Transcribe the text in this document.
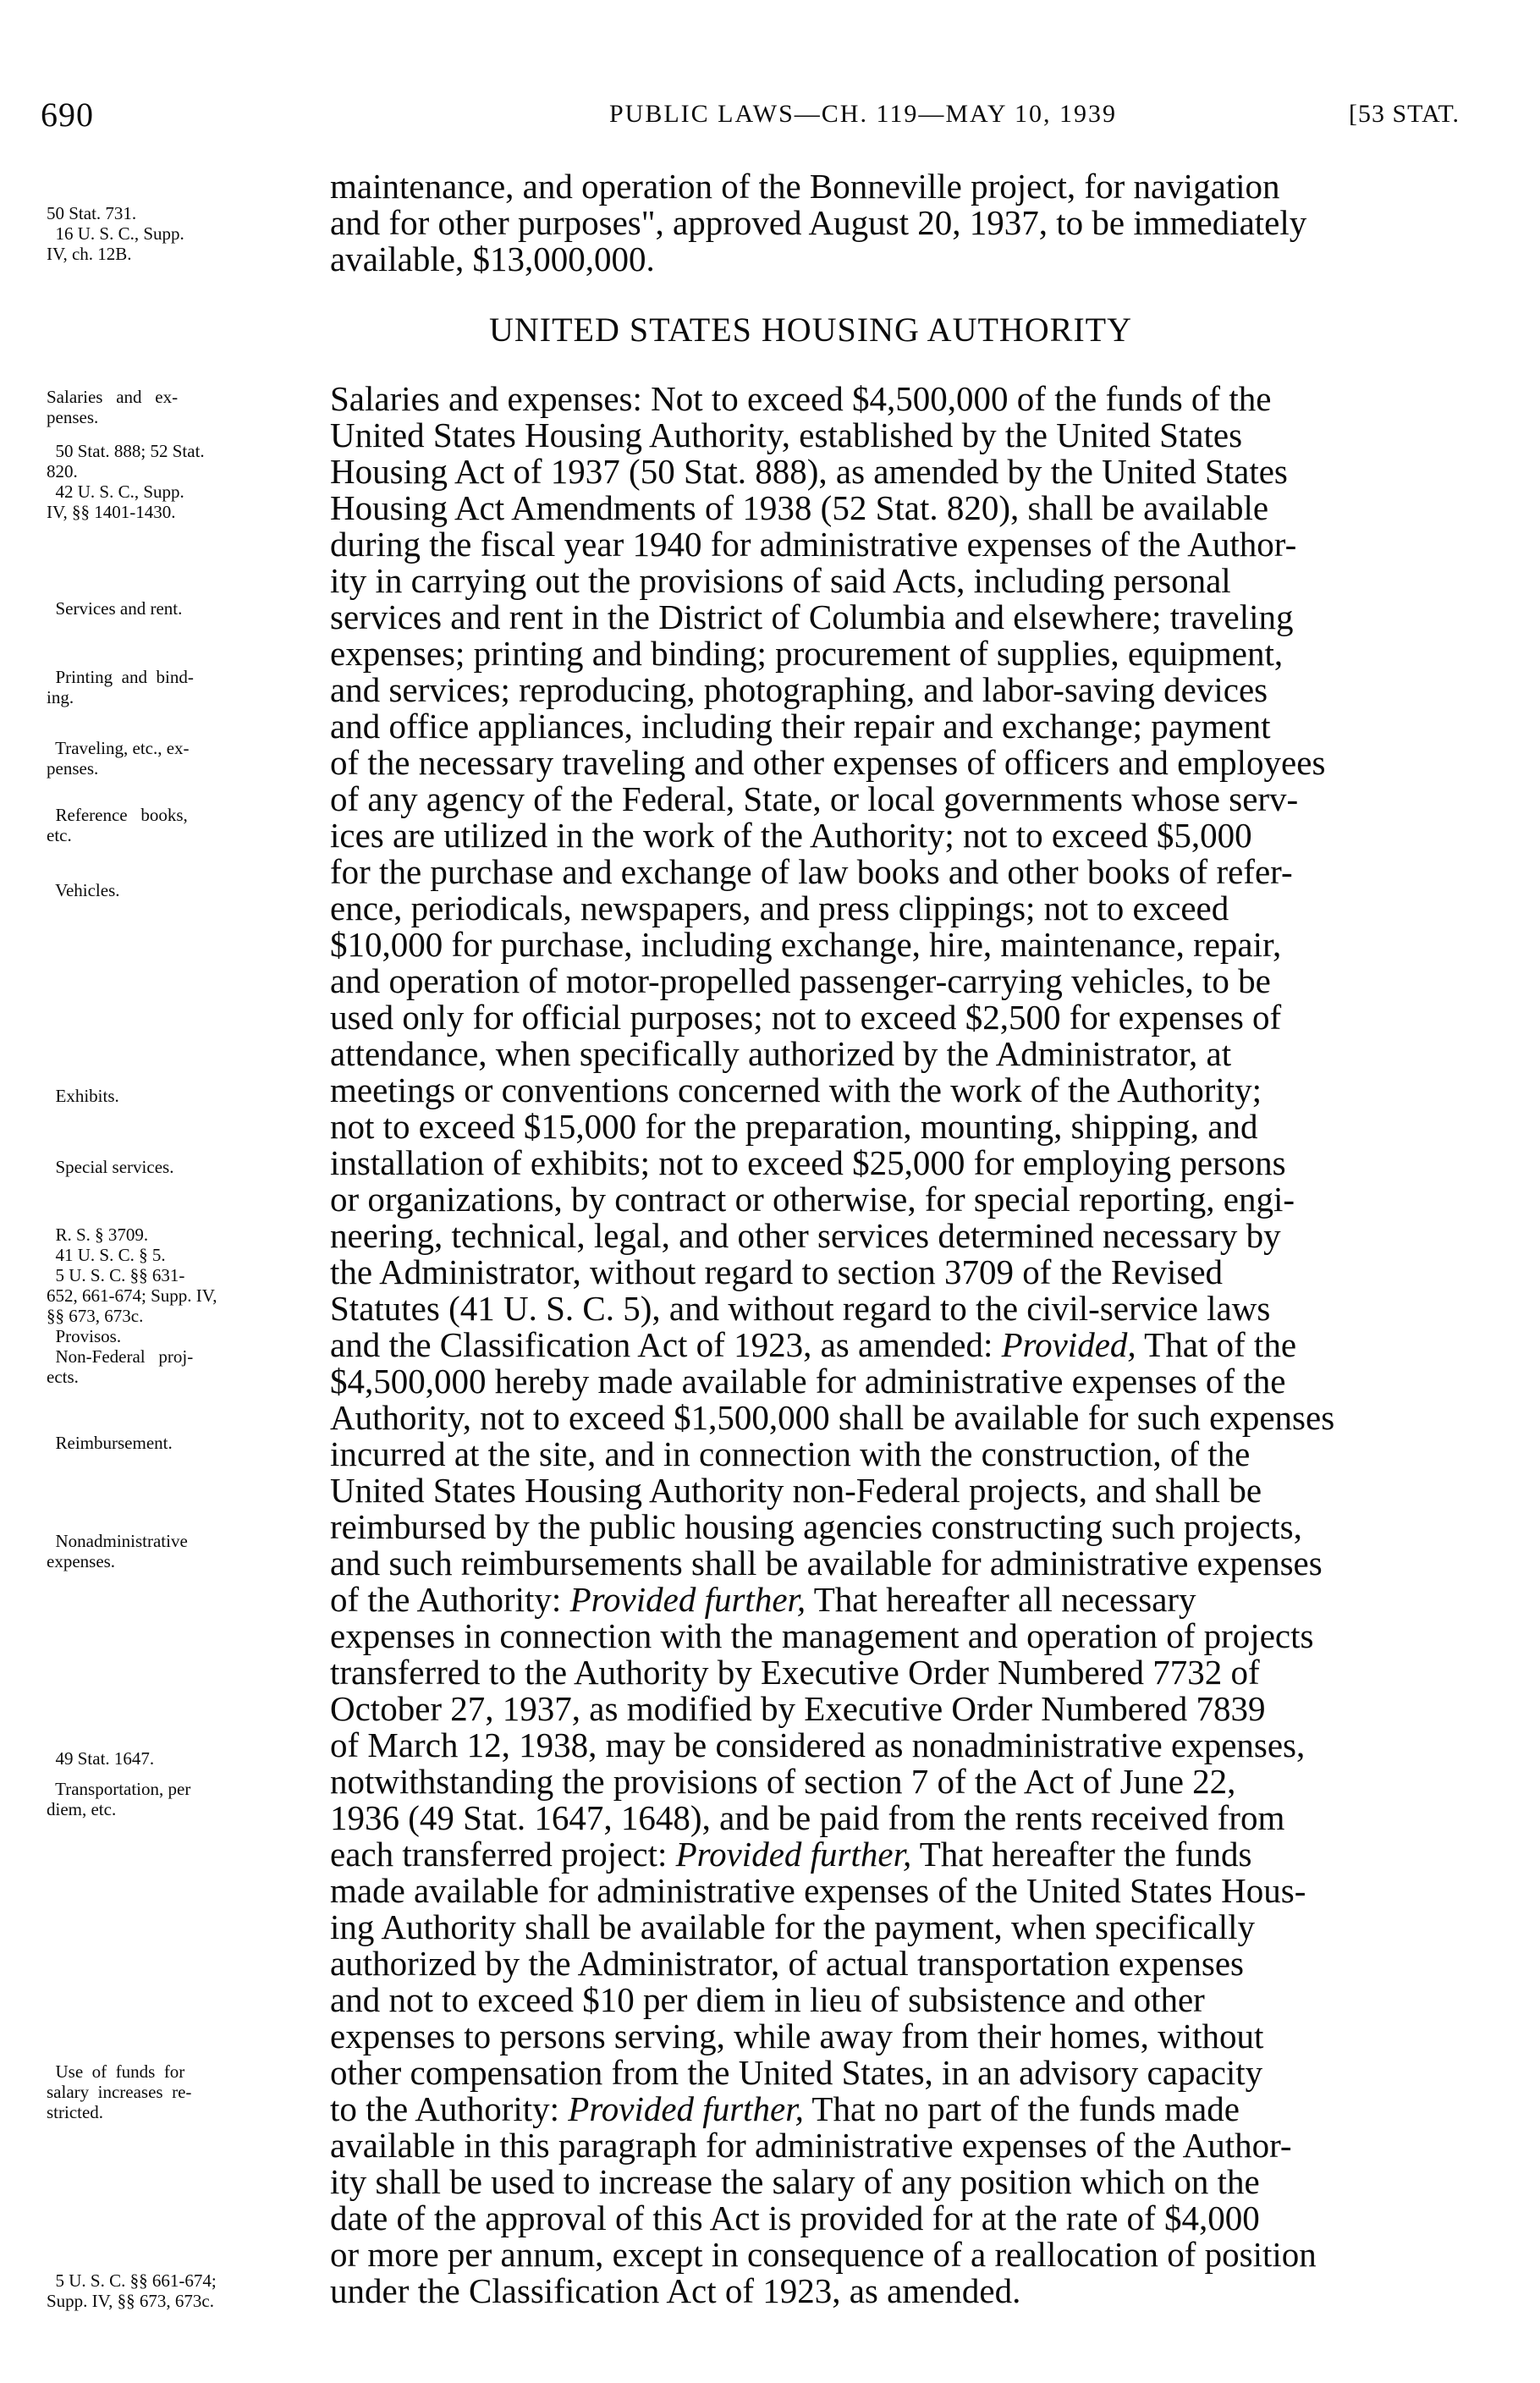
690	PUBLIC LAWS—CH. 119—MAY 10, 1939	[53 STAT.
maintenance, and operation of the Bonneville project, for navigation
and for other purposes", approved August 20, 1937, to be immediately
available, $13,000,000.
UNITED STATES HOUSING AUTHORITY
50 Stat. 731.
16 U. S. C., Supp.
IV, ch. 12B.
Salaries   and   ex-
penses.
50 Stat. 888; 52 Stat.
820.
42 U. S. C., Supp.
IV, §§ 1401-1430.
Services and rent.
Printing  and  bind-
ing.
Traveling, etc., ex-
penses.
Reference   books,
etc.
Vehicles.
Exhibits.
Special services.
R. S. § 3709.
41 U. S. C. § 5.
5 U. S. C. §§ 631-
652, 661-674; Supp. IV,
§§ 673, 673c.
Provisos.
Non-Federal   proj-
ects.
Reimbursement.
Nonadministrative
expenses.
49 Stat. 1647.
Transportation, per
diem, etc.
Use  of  funds  for
salary  increases  re-
stricted.
5 U. S. C. §§ 661-674;
Supp. IV, §§ 673, 673c.
Salaries and expenses: Not to exceed $4,500,000 of the funds of the
United States Housing Authority, established by the United States
Housing Act of 1937 (50 Stat. 888), as amended by the United States
Housing Act Amendments of 1938 (52 Stat. 820), shall be available
during the fiscal year 1940 for administrative expenses of the Author-
ity in carrying out the provisions of said Acts, including personal
services and rent in the District of Columbia and elsewhere; traveling
expenses; printing and binding; procurement of supplies, equipment,
and services; reproducing, photographing, and labor-saving devices
and office appliances, including their repair and exchange; payment
of the necessary traveling and other expenses of officers and employees
of any agency of the Federal, State, or local governments whose serv-
ices are utilized in the work of the Authority; not to exceed $5,000
for the purchase and exchange of law books and other books of refer-
ence, periodicals, newspapers, and press clippings; not to exceed
$10,000 for purchase, including exchange, hire, maintenance, repair,
and operation of motor-propelled passenger-carrying vehicles, to be
used only for official purposes; not to exceed $2,500 for expenses of
attendance, when specifically authorized by the Administrator, at
meetings or conventions concerned with the work of the Authority;
not to exceed $15,000 for the preparation, mounting, shipping, and
installation of exhibits; not to exceed $25,000 for employing persons
or organizations, by contract or otherwise, for special reporting, engi-
neering, technical, legal, and other services determined necessary by
the Administrator, without regard to section 3709 of the Revised
Statutes (41 U. S. C. 5), and without regard to the civil-service laws
and the Classification Act of 1923, as amended: Provided, That of the
$4,500,000 hereby made available for administrative expenses of the
Authority, not to exceed $1,500,000 shall be available for such expenses
incurred at the site, and in connection with the construction, of the
United States Housing Authority non-Federal projects, and shall be
reimbursed by the public housing agencies constructing such projects,
and such reimbursements shall be available for administrative expenses
of the Authority: Provided further, That hereafter all necessary
expenses in connection with the management and operation of projects
transferred to the Authority by Executive Order Numbered 7732 of
October 27, 1937, as modified by Executive Order Numbered 7839
of March 12, 1938, may be considered as nonadministrative expenses,
notwithstanding the provisions of section 7 of the Act of June 22,
1936 (49 Stat. 1647, 1648), and be paid from the rents received from
each transferred project: Provided further, That hereafter the funds
made available for administrative expenses of the United States Hous-
ing Authority shall be available for the payment, when specifically
authorized by the Administrator, of actual transportation expenses
and not to exceed $10 per diem in lieu of subsistence and other
expenses to persons serving, while away from their homes, without
other compensation from the United States, in an advisory capacity
to the Authority: Provided further, That no part of the funds made
available in this paragraph for administrative expenses of the Author-
ity shall be used to increase the salary of any position which on the
date of the approval of this Act is provided for at the rate of $4,000
or more per annum, except in consequence of a reallocation of position
under the Classification Act of 1923, as amended.
